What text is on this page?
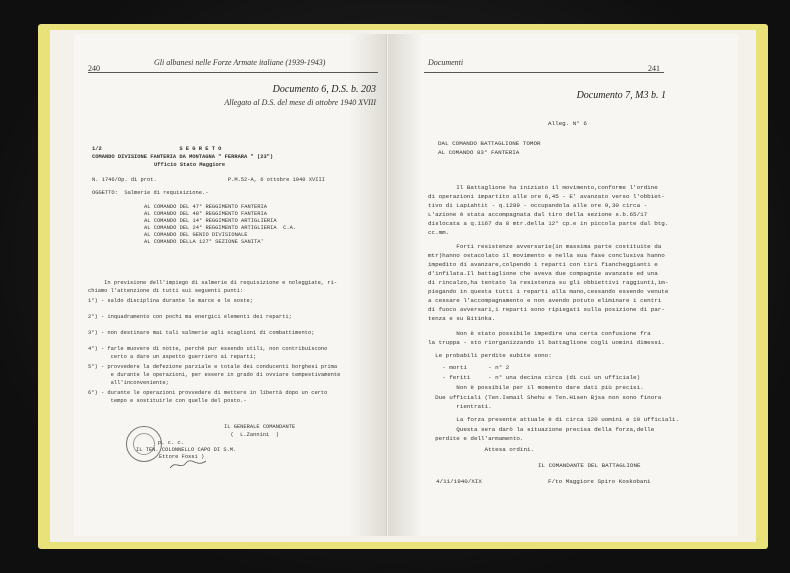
240
Gli albanesi nelle Forze Armate italiane (1939-1943)
Documento 6, D.S. b. 203
Allegato al D.S. del mese di ottobre 1940 XVIII
1/2                        S E G R E T O
COMANDO DIVISIONE FANTERIA DA MONTAGNA " FERRARA " (23")
Ufficio Stato Maggiore
N. 1746/Op. di prot.                      P.M.52-A, 6 ottobre 1940 XVIII
OGGETTO:  Salmerie di requisizione.-
AL COMANDO DEL 47° REGGIMENTO FANTERIA
AL COMANDO DEL 48° REGGIMENTO FANTERIA
AL COMANDO DEL 14° REGGIMENTO ARTIGLIERIA
AL COMANDO DEL 24° REGGIMENTO ARTIGLIERIA  C.A.
AL COMANDO DEL GENIO DIVISIONALE
AL COMANDO DELLA 127° SEZIONE SANITA'
In previsione dell'impiego di salmerie di requisizione e noleggiate, ri-
chiamo l'attenzione di tutti sui seguenti punti:
1°) - saldo disciplina durante le marce e le soste;
2°) - inquadramento con pochi ma energici elementi dei reparti;
3°) - non destinare mai tali salmerie agli scaglioni di combattimento;
4°) - farle muovere di notte, perchè pur essendo utili, non contribuiscono
certo a dare un aspetto guerriero ai reparti;
5°) - provvedere la defezione parziale e totale dei conducenti borghesi prima
e durante le operazioni, per essere in grado di ovviare tempestivamente
all'inconveniente;
6°) - durante le operazioni provvedere di mettere in libertà dopo un certo
tempo e sostituirle con quelle del posto.-
IL GENERALE COMANDANTE
(  L.Zannini  )
p. c. c.
IL TEN. COLONNELLO CAPO DI S.M.
Ettore Fossi )
Documenti
241
Documento 7, M3 b. 1
Alleg. N° 6
DAL COMANDO BATTAGLIONE TOMOR
AL COMANDO 83° FANTERIA
Il Battaglione ha iniziato il movimento,conforme l'ordine
di operazioni impartito alle ore 6,45 - E' avanzato verso l'obbiet-
tivo di Lapiahtit - q.1289 - occupandola alle ore 9,30 circa -
L'azione è stata accompagnata dal tiro della sezione s.b.65/17
dislocata a q.1167 da 8 mtr.della 12° cp.e in piccola parte dal btg.
cc.mm.
Forti resistenze avversarie(in massima parte costituite da
mtr)hanno ostacolato il movimento e nella sua fase conclusiva hanno
impedito di avanzare,colpendo i reparti con tiri fiancheggianti e
d'infilata.Il battaglione che aveva due compagnie avanzate ed una
di rincalzo,ha tentato la resistenza su gli obbiettivi raggiunti,im-
piegando in questa tutti i reparti alla mano,cessando essendo venute
a cessare l'accompagnamento e non avendo potuto eliminare i centri
di fuoco avversari,i reparti sono ripiegati sulla posizione di par-
tenza e su Bitinka.
Non è stato possibile impedire una certa confusione fra
la truppa - sto riorganizzando il battaglione cogli uomini dimessi.
Le probabili perdite subite sono:
- morti      - n° 2
- feriti     - n° una decina circa (di cui un ufficiale)
Non è possibile per il momento dare dati più precisi.
Due ufficiali (Ten.Ismail Shehu e Ten.Hisen Bjsa non sono finora
rientrati.
La forza presente attuale è di circa 120 uomini e 10 ufficiali.
Questa sera darò la situazione precisa della forza,delle
perdite e dell'armamento.
Attesa ordini.
IL COMANDANTE DEL BATTAGLIONE
4/11/1940/XIX	F/to Maggiore Spiro Koskobani
